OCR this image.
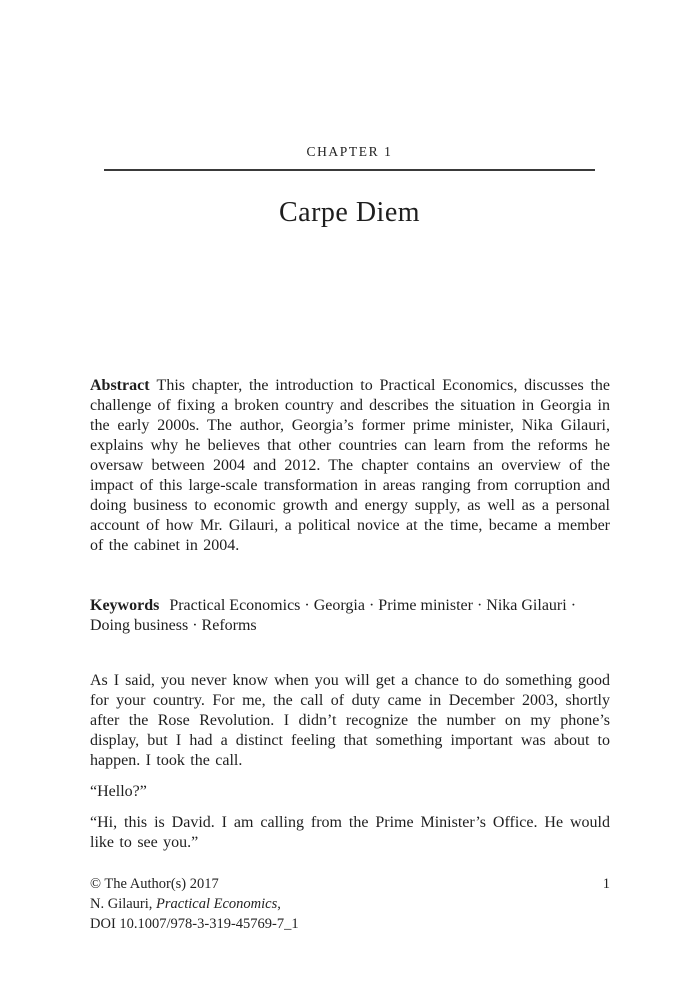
CHAPTER 1
Carpe Diem

Abstract This chapter, the introduction to Practical Economics, discusses the challenge of fixing a broken country and describes the situation in Georgia in the early 2000s. The author, Georgia’s former prime minister, Nika Gilauri, explains why he believes that other countries can learn from the reforms he oversaw between 2004 and 2012. The chapter contains an overview of the impact of this large-scale transformation in areas ranging from corruption and doing business to economic growth and energy supply, as well as a personal account of how Mr. Gilauri, a political novice at the time, became a member of the cabinet in 2004.

Keywords Practical Economics · Georgia · Prime minister · Nika Gilauri · Doing business · Reforms

As I said, you never know when you will get a chance to do something good for your country. For me, the call of duty came in December 2003, shortly after the Rose Revolution. I didn’t recognize the number on my phone’s display, but I had a distinct feeling that something important was about to happen. I took the call.

“Hello?”

“Hi, this is David. I am calling from the Prime Minister’s Office. He would like to see you.”

© The Author(s) 2017	1
N. Gilauri, Practical Economics,
DOI 10.1007/978-3-319-45769-7_1
